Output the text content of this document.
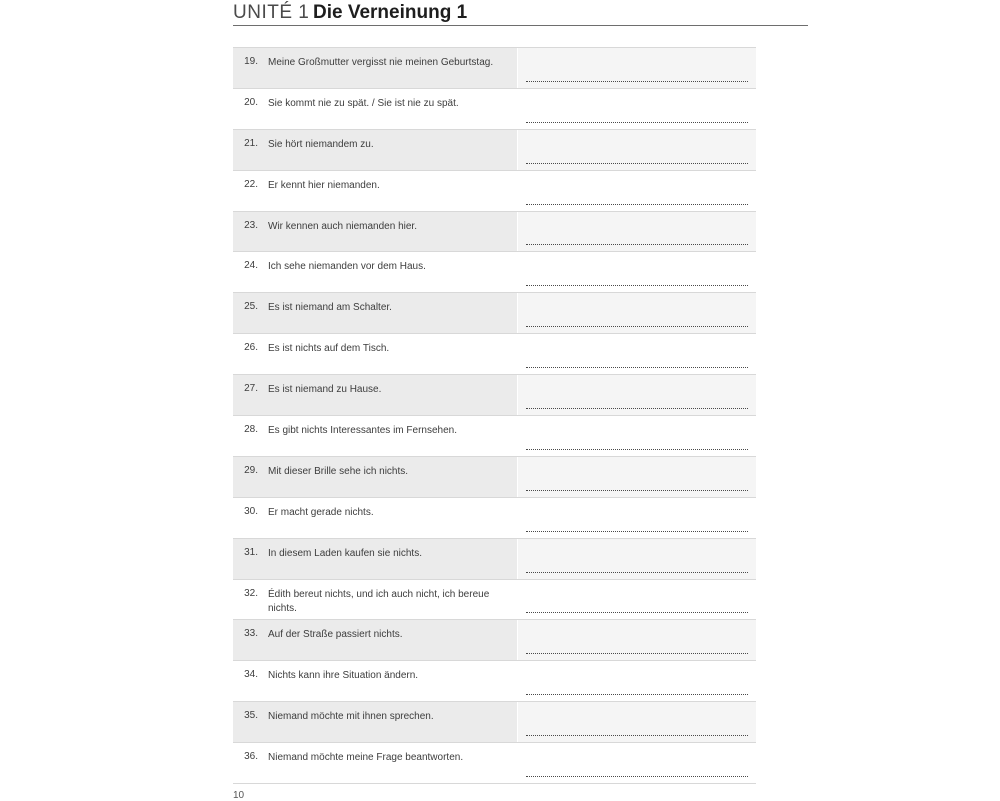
UNITÉ 1 Die Verneinung 1
19. Meine Großmutter vergisst nie meinen Geburtstag.
20. Sie kommt nie zu spät. / Sie ist nie zu spät.
21. Sie hört niemandem zu.
22. Er kennt hier niemanden.
23. Wir kennen auch niemanden hier.
24. Ich sehe niemanden vor dem Haus.
25. Es ist niemand am Schalter.
26. Es ist nichts auf dem Tisch.
27. Es ist niemand zu Hause.
28. Es gibt nichts Interessantes im Fernsehen.
29. Mit dieser Brille sehe ich nichts.
30. Er macht gerade nichts.
31. In diesem Laden kaufen sie nichts.
32. Édith bereut nichts, und ich auch nicht, ich bereue nichts.
33. Auf der Straße passiert nichts.
34. Nichts kann ihre Situation ändern.
35. Niemand möchte mit ihnen sprechen.
36. Niemand möchte meine Frage beantworten.
10
